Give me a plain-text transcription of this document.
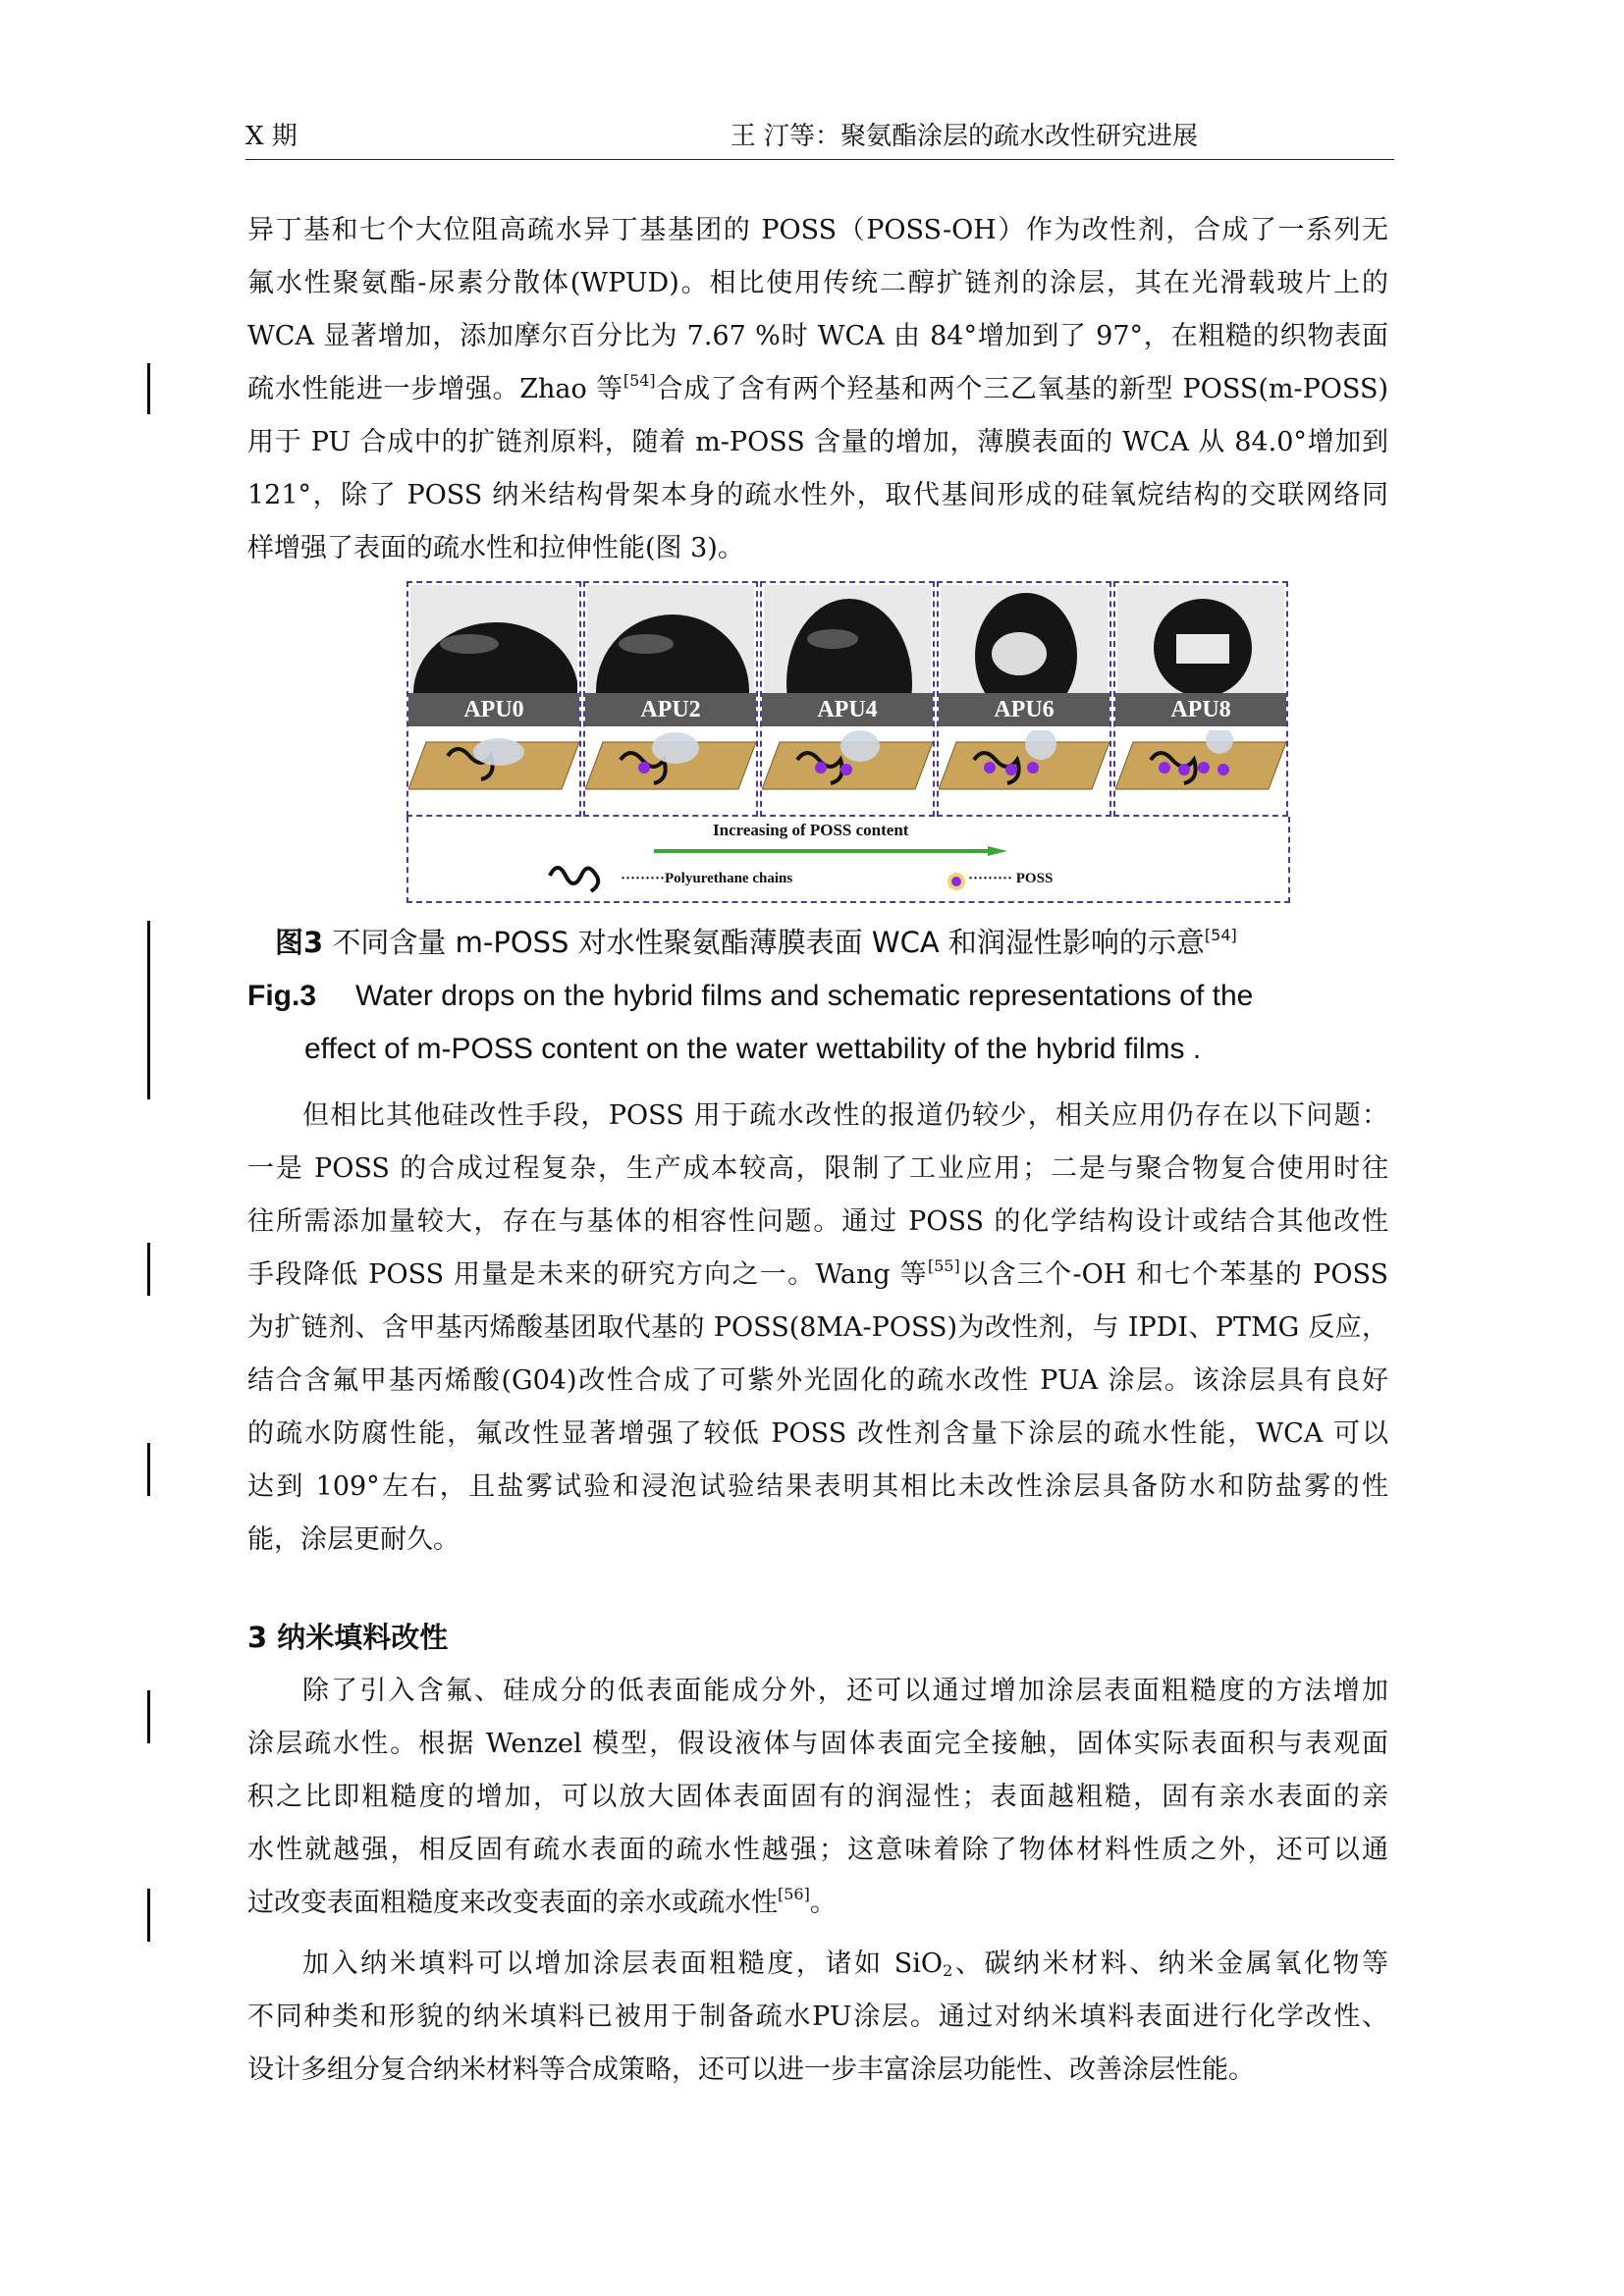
X 期	王 汀等：聚氨酯涂层的疏水改性研究进展
异丁基和七个大位阻高疏水异丁基基团的 POSS（POSS-OH）作为改性剂，合成了一系列无
氟水性聚氨酯-尿素分散体(WPUD)。相比使用传统二醇扩链剂的涂层，其在光滑载玻片上的
WCA 显著增加，添加摩尔百分比为 7.67 %时 WCA 由 84°增加到了 97°，在粗糙的织物表面
疏水性能进一步增强。Zhao 等[54]合成了含有两个羟基和两个三乙氧基的新型 POSS(m-POSS)
用于 PU 合成中的扩链剂原料，随着 m-POSS 含量的增加，薄膜表面的 WCA 从 84.0°增加到
121°，除了 POSS 纳米结构骨架本身的疏水性外，取代基间形成的硅氧烷结构的交联网络同
样增强了表面的疏水性和拉伸性能(图 3)。
APU0	APU2	APU4	APU6	APU8
Increasing of POSS content
·········Polyurethane chains	········· POSS
图3 不同含量 m-POSS 对水性聚氨酯薄膜表面 WCA 和润湿性影响的示意[54]
Fig.3 Water drops on the hybrid films and schematic representations of the
effect of m-POSS content on the water wettability of the hybrid films .
但相比其他硅改性手段，POSS 用于疏水改性的报道仍较少，相关应用仍存在以下问题：
一是 POSS 的合成过程复杂，生产成本较高，限制了工业应用；二是与聚合物复合使用时往
往所需添加量较大，存在与基体的相容性问题。通过 POSS 的化学结构设计或结合其他改性
手段降低 POSS 用量是未来的研究方向之一。Wang 等[55]以含三个-OH 和七个苯基的 POSS
为扩链剂、含甲基丙烯酸基团取代基的 POSS(8MA-POSS)为改性剂，与 IPDI、PTMG 反应，
结合含氟甲基丙烯酸(G04)改性合成了可紫外光固化的疏水改性 PUA 涂层。该涂层具有良好
的疏水防腐性能，氟改性显著增强了较低 POSS 改性剂含量下涂层的疏水性能，WCA 可以
达到 109°左右，且盐雾试验和浸泡试验结果表明其相比未改性涂层具备防水和防盐雾的性
能，涂层更耐久。
3 纳米填料改性
除了引入含氟、硅成分的低表面能成分外，还可以通过增加涂层表面粗糙度的方法增加
涂层疏水性。根据 Wenzel 模型，假设液体与固体表面完全接触，固体实际表面积与表观面
积之比即粗糙度的增加，可以放大固体表面固有的润湿性；表面越粗糙，固有亲水表面的亲
水性就越强，相反固有疏水表面的疏水性越强；这意味着除了物体材料性质之外，还可以通
过改变表面粗糙度来改变表面的亲水或疏水性[56]。
加入纳米填料可以增加涂层表面粗糙度，诸如 SiO$_2$、碳纳米材料、纳米金属氧化物等
不同种类和形貌的纳米填料已被用于制备疏水PU涂层。通过对纳米填料表面进行化学改性、
设计多组分复合纳米材料等合成策略，还可以进一步丰富涂层功能性、改善涂层性能。
